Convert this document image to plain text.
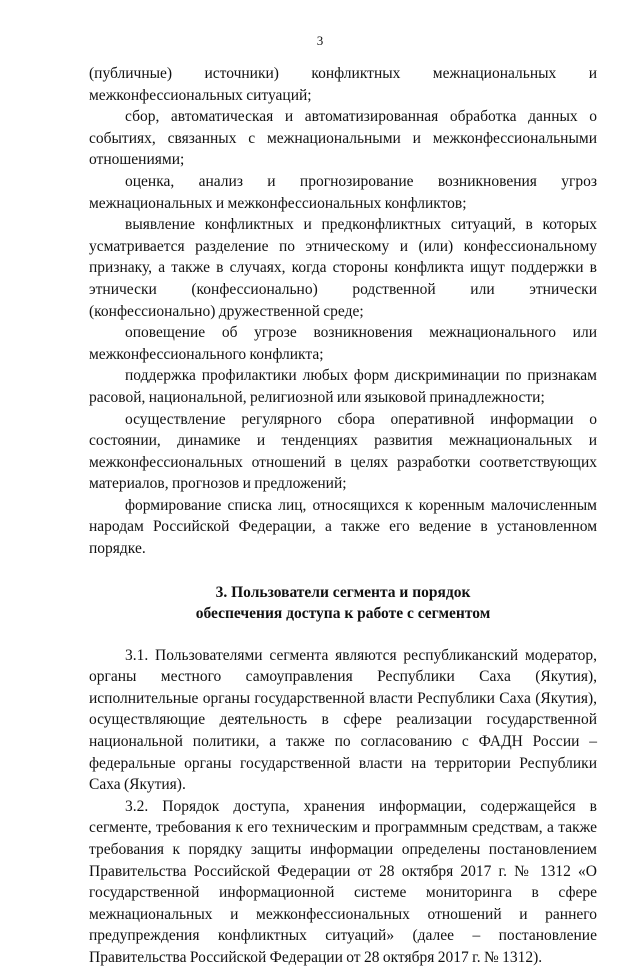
3

(публичные) источники) конфликтных межнациональных и межконфессиональных ситуаций;

сбор, автоматическая и автоматизированная обработка данных о событиях, связанных с межнациональными и межконфессиональными отношениями;

оценка, анализ и прогнозирование возникновения угроз межнациональных и межконфессиональных конфликтов;

выявление конфликтных и предконфликтных ситуаций, в которых усматривается разделение по этническому и (или) конфессиональному признаку, а также в случаях, когда стороны конфликта ищут поддержки в этнически (конфессионально) родственной или этнически (конфессионально) дружественной среде;

оповещение об угрозе возникновения межнационального или межконфессионального конфликта;

поддержка профилактики любых форм дискриминации по признакам расовой, национальной, религиозной или языковой принадлежности;

осуществление регулярного сбора оперативной информации о состоянии, динамике и тенденциях развития межнациональных и межконфессиональных отношений в целях разработки соответствующих материалов, прогнозов и предложений;

формирование списка лиц, относящихся к коренным малочисленным народам Российской Федерации, а также его ведение в установленном порядке.

3. Пользователи сегмента и порядок
обеспечения доступа к работе с сегментом

3.1. Пользователями сегмента являются республиканский модератор, органы местного самоуправления Республики Саха (Якутия), исполнительные органы государственной власти Республики Саха (Якутия), осуществляющие деятельность в сфере реализации государственной национальной политики, а также по согласованию с ФАДН России – федеральные органы государственной власти на территории Республики Саха (Якутия).

3.2. Порядок доступа, хранения информации, содержащейся в сегменте, требования к его техническим и программным средствам, а также требования к порядку защиты информации определены постановлением Правительства Российской Федерации от 28 октября 2017 г. № 1312 «О государственной информационной системе мониторинга в сфере межнациональных и межконфессиональных отношений и раннего предупреждения конфликтных ситуаций» (далее – постановление Правительства Российской Федерации от 28 октября 2017 г. № 1312).
